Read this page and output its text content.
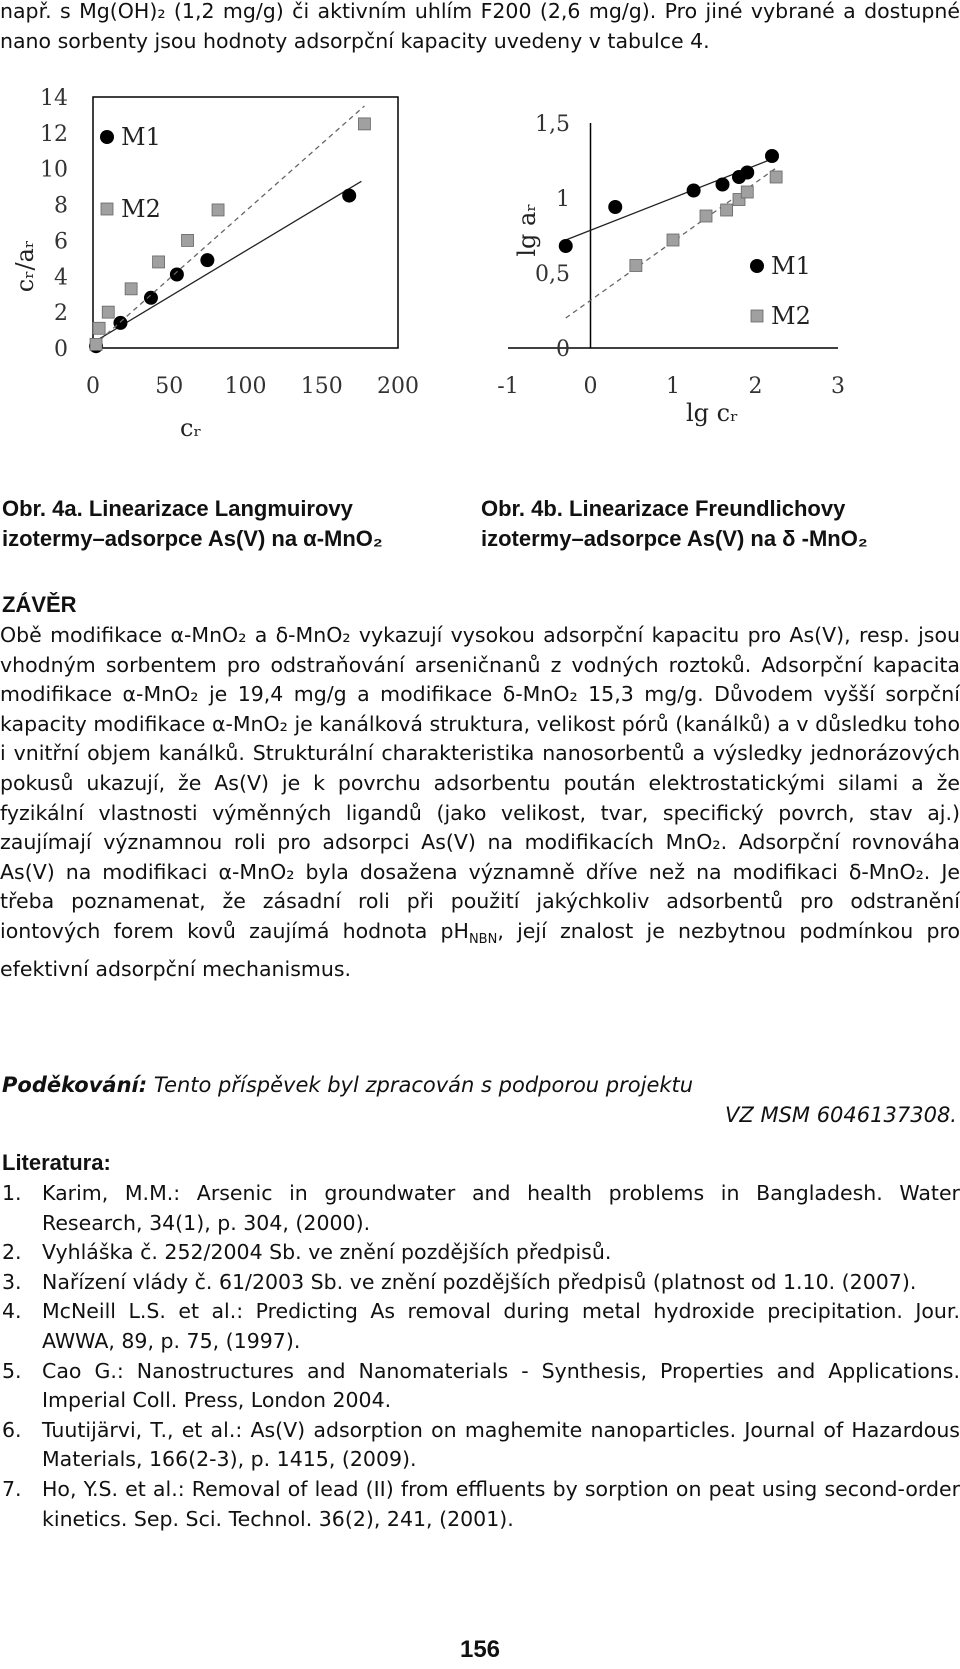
např. s Mg(OH)₂ (1,2 mg/g) či aktivním uhlím F200 (2,6 mg/g). Pro jiné vybrané a dostupné nano sorbenty jsou hodnoty adsorpční kapacity uvedeny v tabulce 4.
0	50 100 150 200
0
2
4
6
8
10
12
14
cᵣ
cᵣ/aᵣ
M1
M2
-1	0	1	2	3
0
0,5
1
1,5
lg cᵣ
lg aᵣ
M1
M2
Obr. 4a. Linearizace Langmuirovy izotermy–adsorpce As(V) na α-MnO₂
Obr. 4b. Linearizace Freundlichovy izotermy–adsorpce As(V) na δ -MnO₂
ZÁVĚR
Obě modifikace α-MnO₂ a δ-MnO₂ vykazují vysokou adsorpční kapacitu pro As(V), resp. jsou vhodným sorbentem pro odstraňování arseničnanů z vodných roztoků. Adsorpční kapacita modifikace α-MnO₂ je 19,4 mg/g a modifikace δ-MnO₂ 15,3 mg/g. Důvodem vyšší sorpční kapacity modifikace α-MnO₂ je kanálková struktura, velikost pórů (kanálků) a v důsledku toho i vnitřní objem kanálků. Strukturální charakteristika nanosorbentů a výsledky jednorázových pokusů ukazují, že As(V) je k povrchu adsorbentu poután elektrostatickými silami a že fyzikální vlastnosti výměnných ligandů (jako velikost, tvar, specifický povrch, stav aj.) zaujímají významnou roli pro adsorpci As(V) na modifikacích MnO₂. Adsorpční rovnováha As(V) na modifikaci α-MnO₂ byla dosažena významně dříve než na modifikaci δ-MnO₂. Je třeba poznamenat, že zásadní roli při použití jakýchkoliv adsorbentů pro odstranění iontových forem kovů zaujímá hodnota $pH_{NBN}$, její znalost je nezbytnou podmínkou pro efektivní adsorpční mechanismus.
Poděkování: Tento příspěvek byl zpracován s podporou projektu
VZ MSM 6046137308.
Literatura:
1. Karim, M.M.: Arsenic in groundwater and health problems in Bangladesh. Water Research, 34(1), p. 304, (2000).
2. Vyhláška č. 252/2004 Sb. ve znění pozdějších předpisů.
3. Nařízení vlády č. 61/2003 Sb. ve znění pozdějších předpisů (platnost od 1.10. (2007).
4. McNeill L.S. et al.: Predicting As removal during metal hydroxide precipitation. Jour. AWWA, 89, p. 75, (1997).
5. Cao G.: Nanostructures and Nanomaterials - Synthesis, Properties and Applications. Imperial Coll. Press, London 2004.
6. Tuutijärvi, T., et al.: As(V) adsorption on maghemite nanoparticles. Journal of Hazardous Materials, 166(2-3), p. 1415, (2009).
7. Ho, Y.S. et al.: Removal of lead (II) from effluents by sorption on peat using second-order kinetics. Sep. Sci. Technol. 36(2), 241, (2001).
156
